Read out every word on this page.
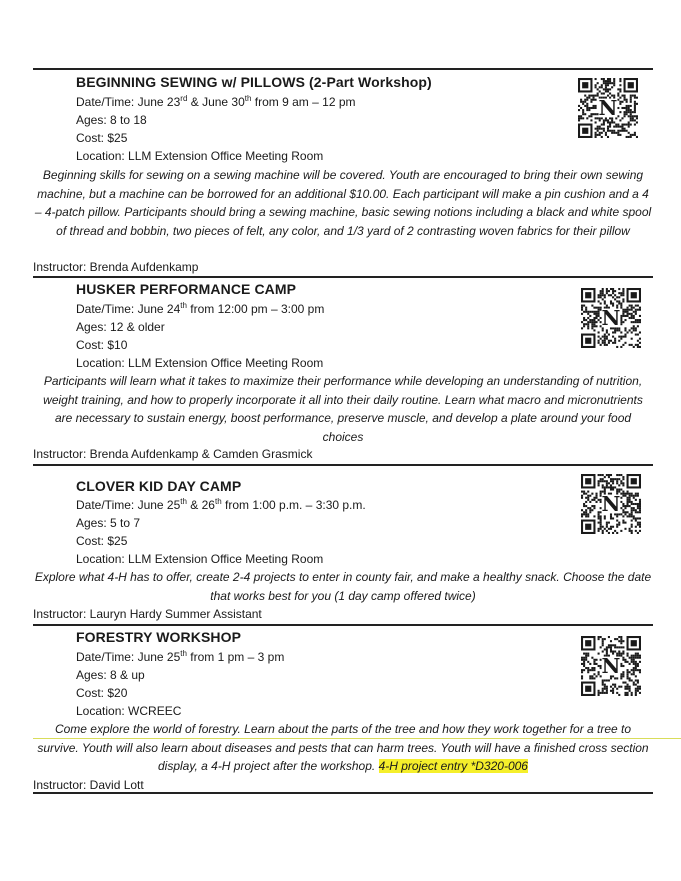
BEGINNING SEWING w/ PILLOWS (2-Part Workshop)
Date/Time: June 23rd & June 30th from 9 am – 12 pm
Ages: 8 to 18
Cost: $25
Location: LLM Extension Office Meeting Room
Beginning skills for sewing on a sewing machine will be covered. Youth are encouraged to bring their own sewing machine, but a machine can be borrowed for an additional $10.00. Each participant will make a pin cushion and a 4 – 4-patch pillow. Participants should bring a sewing machine, basic sewing notions including a black and white spool of thread and bobbin, two pieces of felt, any color, and 1/3 yard of 2 contrasting woven fabrics for their pillow
Instructor: Brenda Aufdenkamp
N
HUSKER PERFORMANCE CAMP
Date/Time: June 24th from 12:00 pm – 3:00 pm
Ages: 12 & older
Cost: $10
Location: LLM Extension Office Meeting Room
Participants will learn what it takes to maximize their performance while developing an understanding of nutrition, weight training, and how to properly incorporate it all into their daily routine. Learn what macro and micronutrients are necessary to sustain energy, boost performance, preserve muscle, and develop a plate around your food choices
Instructor: Brenda Aufdenkamp & Camden Grasmick
N
CLOVER KID DAY CAMP
Date/Time: June 25th & 26th from 1:00 p.m. – 3:30 p.m.
Ages: 5 to 7
Cost: $25
Location: LLM Extension Office Meeting Room
Explore what 4-H has to offer, create 2-4 projects to enter in county fair, and make a healthy snack. Choose the date that works best for you (1 day camp offered twice)
Instructor: Lauryn Hardy Summer Assistant
N
FORESTRY WORKSHOP
Date/Time: June 25th from 1 pm – 3 pm
Ages: 8 & up
Cost: $20
Location: WCREEC
Come explore the world of forestry. Learn about the parts of the tree and how they work together for a tree to survive. Youth will also learn about diseases and pests that can harm trees. Youth will have a finished cross section display, a 4-H project after the workshop. 4-H project entry *D320-006
Instructor: David Lott
N
